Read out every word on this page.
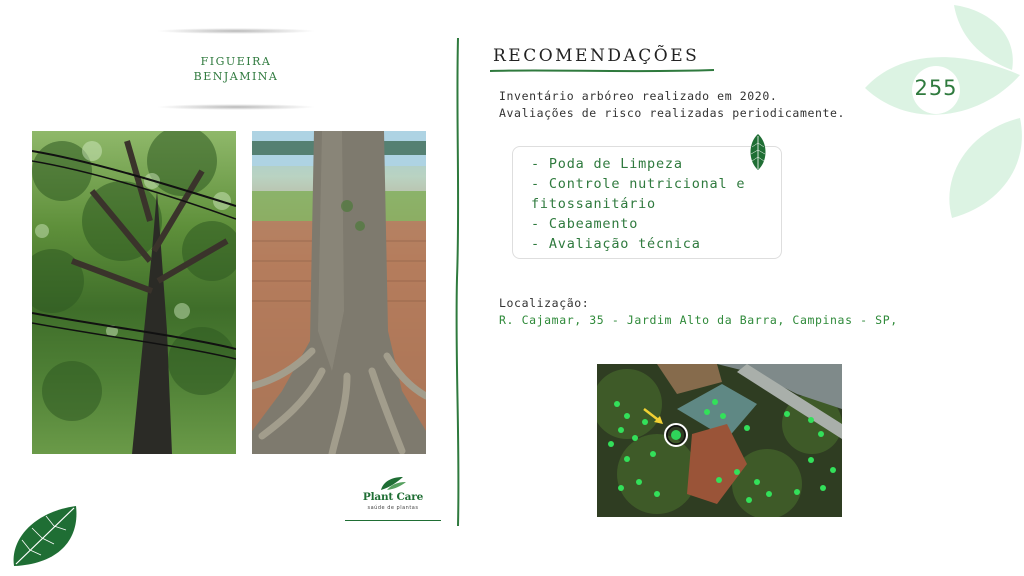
FIGUEIRA
BENJAMINA
RECOMENDAÇÕES
Inventário arbóreo realizado em 2020. Avaliações de risco realizadas periodicamente.
- Poda de Limpeza
- Controle nutricional e
fitossanitário
- Cabeamento
- Avaliação técnica
Localização:
R. Cajamar, 35 - Jardim Alto da Barra, Campinas - SP,
255
Plant Care
saúde de plantas
